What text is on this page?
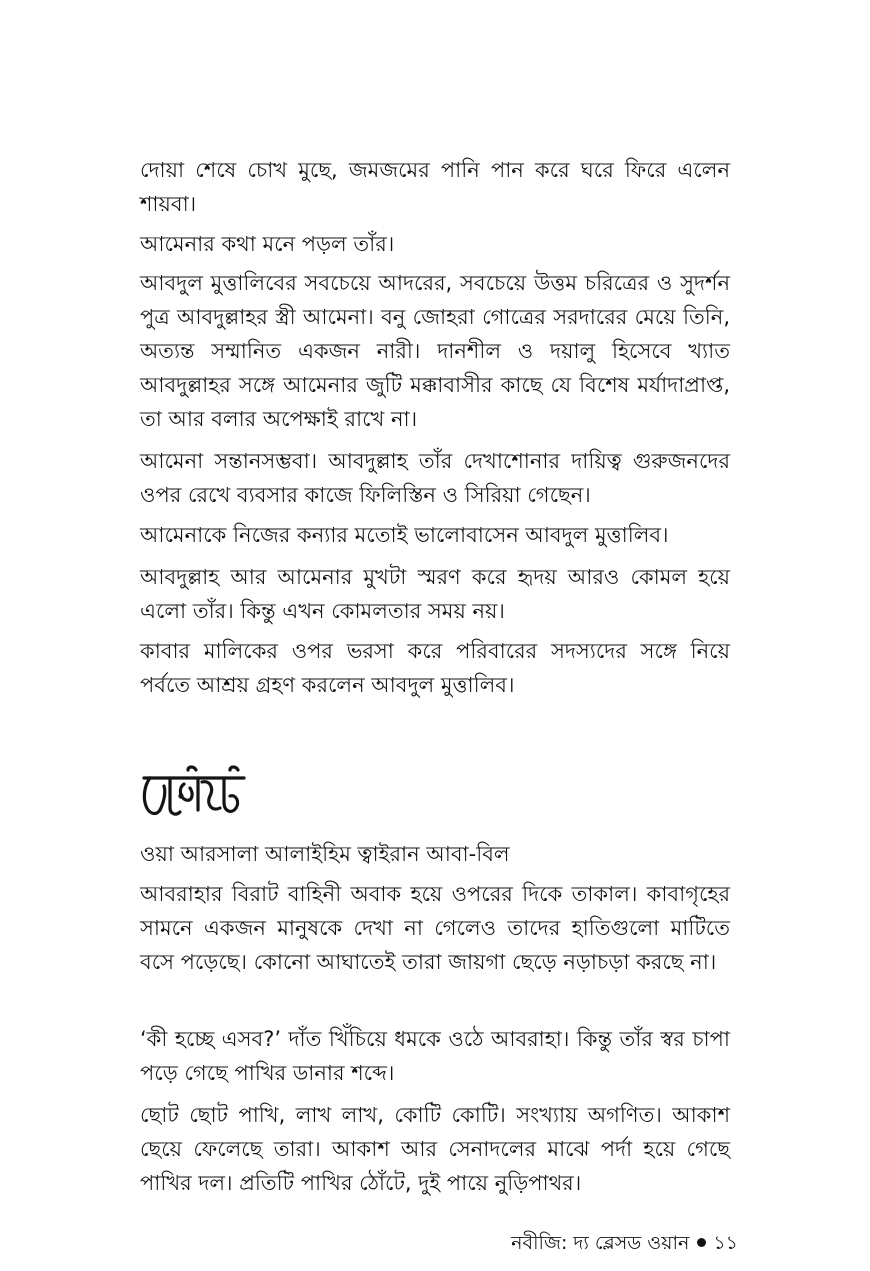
দোয়া শেষে চোখ মুছে, জমজমের পানি পান করে ঘরে ফিরে এলেন শায়বা।

আমেনার কথা মনে পড়ল তাঁর।

আবদুল মুত্তালিবের সবচেয়ে আদরের, সবচেয়ে উত্তম চরিত্রের ও সুদর্শন পুত্র আবদুল্লাহর স্ত্রী আমেনা। বনু জোহরা গোত্রের সরদারের মেয়ে তিনি, অত্যন্ত সম্মানিত একজন নারী। দানশীল ও দয়ালু হিসেবে খ্যাত আবদুল্লাহর সঙ্গে আমেনার জুটি মক্কাবাসীর কাছে যে বিশেষ মর্যাদাপ্রাপ্ত, তা আর বলার অপেক্ষাই রাখে না।

আমেনা সন্তানসম্ভবা। আবদুল্লাহ তাঁর দেখাশোনার দায়িত্ব গুরুজনদের ওপর রেখে ব্যবসার কাজে ফিলিস্তিন ও সিরিয়া গেছেন।

আমেনাকে নিজের কন্যার মতোই ভালোবাসেন আবদুল মুত্তালিব।

আবদুল্লাহ আর আমেনার মুখটা স্মরণ করে হৃদয় আরও কোমল হয়ে এলো তাঁর। কিন্তু এখন কোমলতার সময় নয়।

কাবার মালিকের ওপর ভরসা করে পরিবারের সদস্যদের সঙ্গে নিয়ে পর্বতে আশ্রয় গ্রহণ করলেন আবদুল মুত্তালিব।

ওয়া আরসালা আলাইহিম ত্বাইরান আবা-বিল

আবরাহার বিরাট বাহিনী অবাক হয়ে ওপরের দিকে তাকাল। কাবাগৃহের সামনে একজন মানুষকে দেখা না গেলেও তাদের হাতিগুলো মাটিতে বসে পড়েছে। কোনো আঘাতেই তারা জায়গা ছেড়ে নড়াচড়া করছে না।

‘কী হচ্ছে এসব?’ দাঁত খিঁচিয়ে ধমকে ওঠে আবরাহা। কিন্তু তাঁর স্বর চাপা পড়ে গেছে পাখির ডানার শব্দে।

ছোট ছোট পাখি, লাখ লাখ, কোটি কোটি। সংখ্যায় অগণিত। আকাশ ছেয়ে ফেলেছে তারা। আকাশ আর সেনাদলের মাঝে পর্দা হয়ে গেছে পাখির দল। প্রতিটি পাখির ঠোঁটে, দুই পায়ে নুড়িপাথর।

নবীজি: দ্য ব্লেসড ওয়ান ১১
